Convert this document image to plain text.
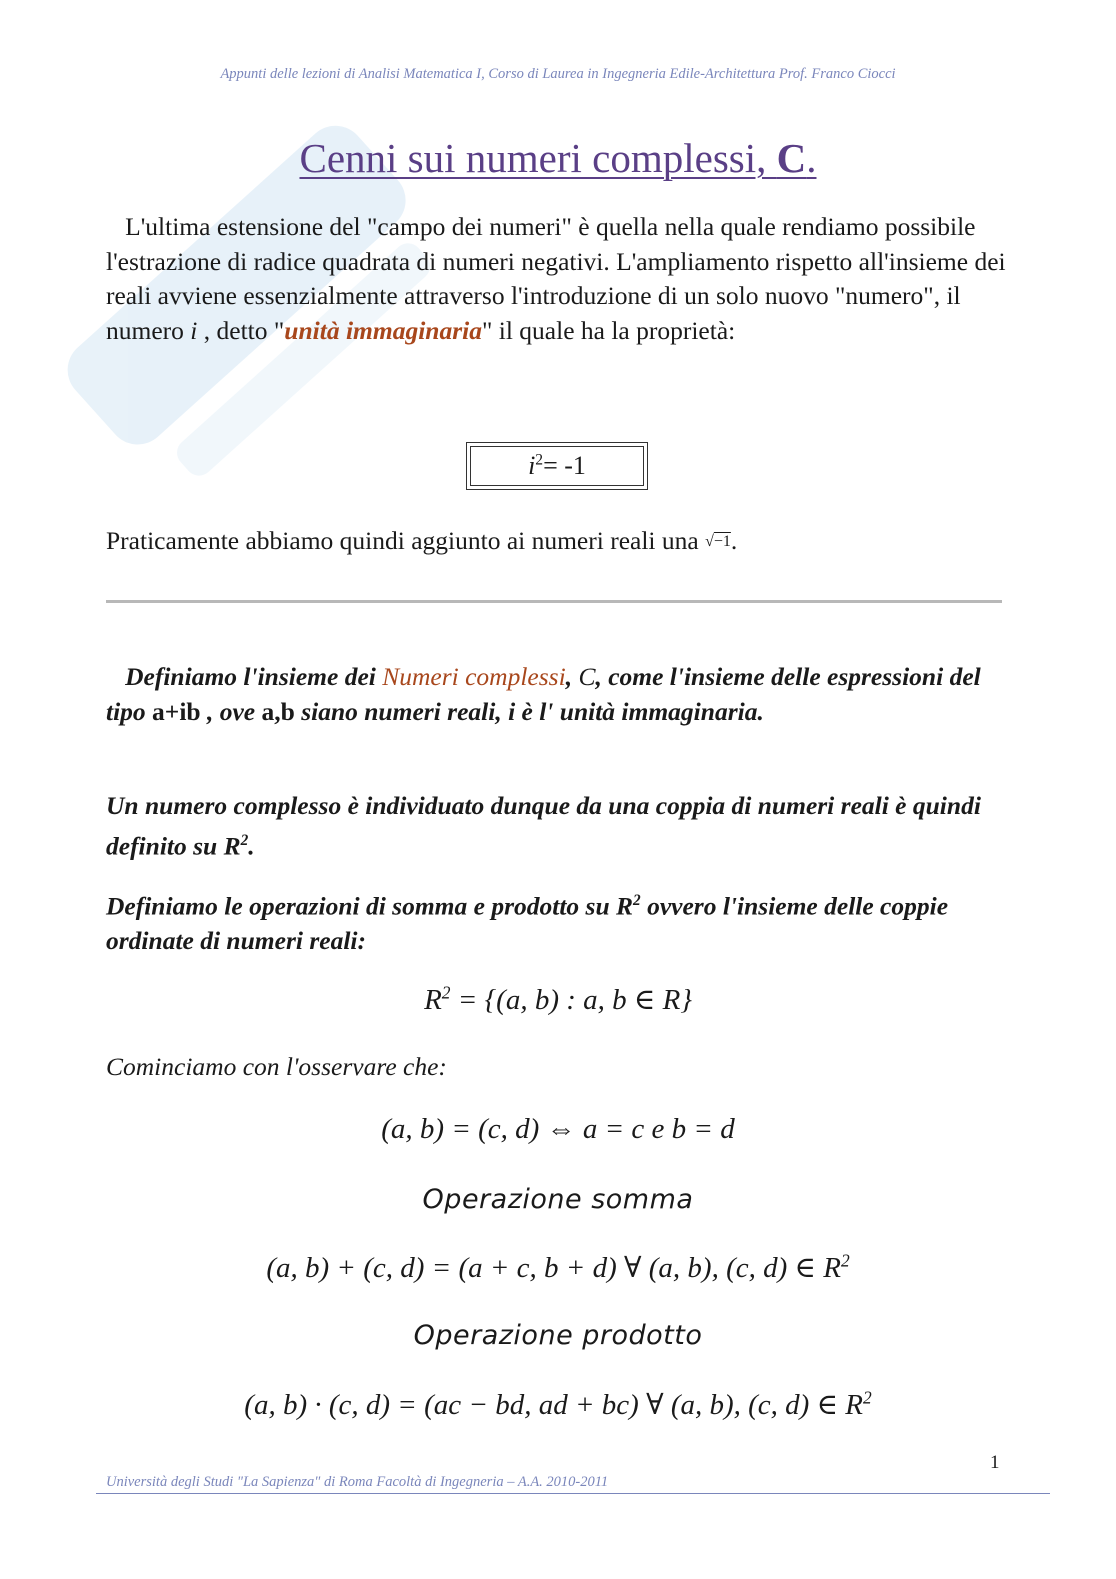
Appunti delle lezioni di Analisi Matematica I, Corso di Laurea in Ingegneria Edile-Architettura Prof. Franco Ciocci
Cenni sui numeri complessi, C.
L'ultima estensione del "campo dei numeri" è quella nella quale rendiamo possibile l'estrazione di radice quadrata di numeri negativi. L'ampliamento rispetto all'insieme dei reali avviene essenzialmente attraverso l'introduzione di un solo nuovo "numero", il numero i , detto "unità immaginaria" il quale ha la proprietà:
$i^2= -1$
Praticamente abbiamo quindi aggiunto ai numeri reali una √−1.
Definiamo l'insieme dei Numeri complessi, C, come l'insieme delle espressioni del tipo a+ib , ove a,b siano numeri reali, i è l' unità immaginaria.
Un numero complesso è individuato dunque da una coppia di numeri reali è quindi definito su $R^2$.
Definiamo le operazioni di somma e prodotto su $R^2$ ovvero l'insieme delle coppie ordinate di numeri reali:
$R^2 = \{(a$, b) : a, b ∈ R}
Cominciamo con l'osservare che:
(a, b) = (c, d) ⇔ a = c e b = d
Operazione somma
(a, b) + (c, d) = (a + c, b + d) ∀ (a, b), (c, d) ∈ $R^2$
Operazione prodotto
(a, b) · (c, d) = (ac − bd, ad + bc) ∀ (a, b), (c, d) ∈ $R^2$
1
Università degli Studi "La Sapienza" di Roma Facoltà di Ingegneria – A.A. 2010-2011
